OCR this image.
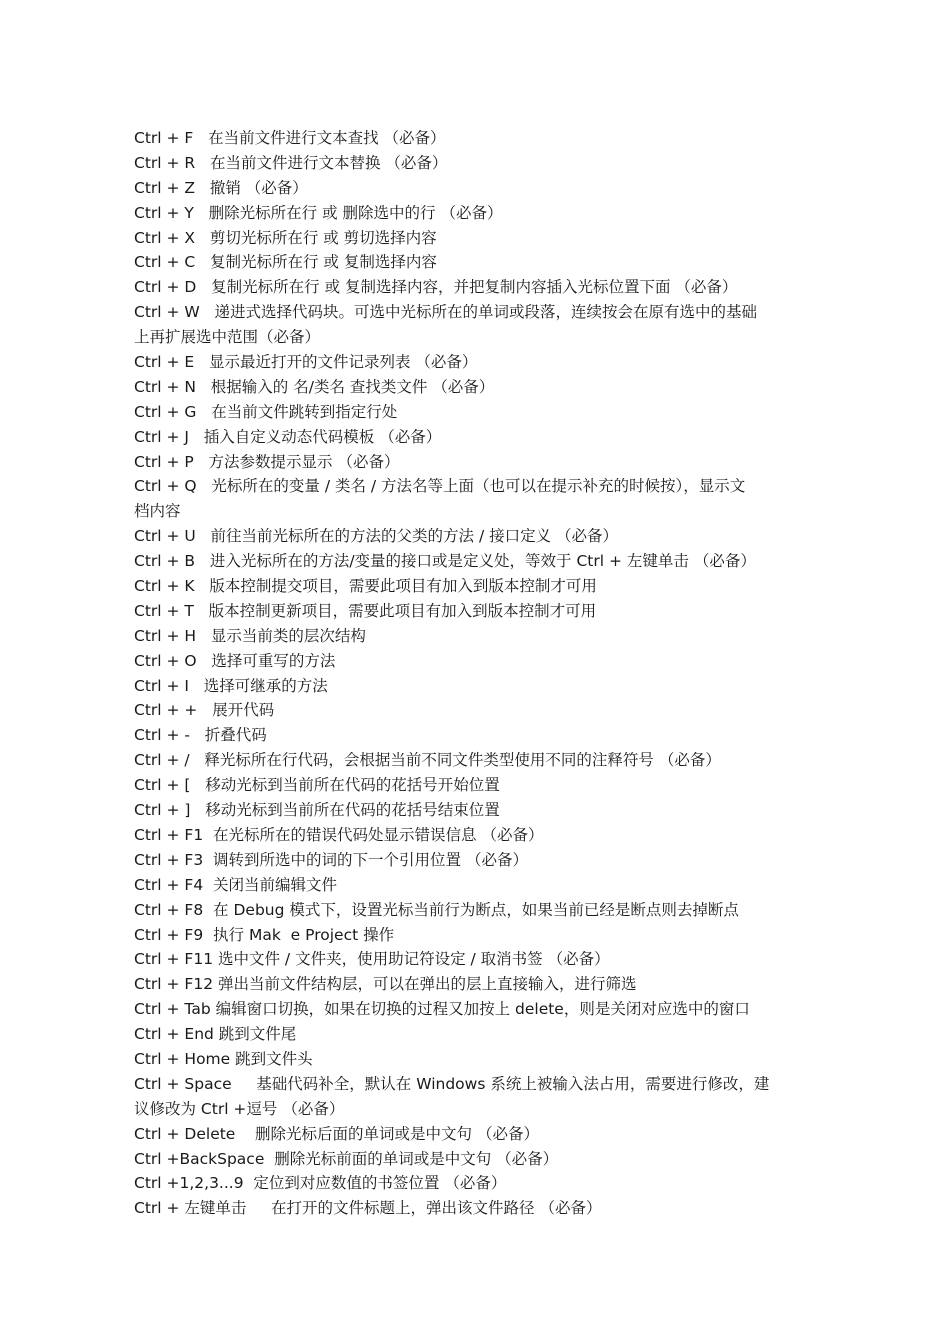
Ctrl + F   在当前文件进行文本查找 （必备）
Ctrl + R   在当前文件进行文本替换 （必备）
Ctrl + Z   撤销 （必备）
Ctrl + Y   删除光标所在行 或 删除选中的行 （必备）
Ctrl + X   剪切光标所在行 或 剪切选择内容
Ctrl + C   复制光标所在行 或 复制选择内容
Ctrl + D   复制光标所在行 或 复制选择内容，并把复制内容插入光标位置下面 （必备）
Ctrl + W   递进式选择代码块。可选中光标所在的单词或段落，连续按会在原有选中的基础
上再扩展选中范围（必备）
Ctrl + E   显示最近打开的文件记录列表 （必备）
Ctrl + N   根据输入的 名/类名 查找类文件 （必备）
Ctrl + G   在当前文件跳转到指定行处
Ctrl + J   插入自定义动态代码模板 （必备）
Ctrl + P   方法参数提示显示 （必备）
Ctrl + Q   光标所在的变量 / 类名 / 方法名等上面（也可以在提示补充的时候按），显示文
档内容
Ctrl + U   前往当前光标所在的方法的父类的方法 / 接口定义 （必备）
Ctrl + B   进入光标所在的方法/变量的接口或是定义处，等效于 Ctrl + 左键单击 （必备）
Ctrl + K   版本控制提交项目，需要此项目有加入到版本控制才可用
Ctrl + T   版本控制更新项目，需要此项目有加入到版本控制才可用
Ctrl + H   显示当前类的层次结构
Ctrl + O   选择可重写的方法
Ctrl + I   选择可继承的方法
Ctrl + +   展开代码
Ctrl + -   折叠代码
Ctrl + /   释光标所在行代码，会根据当前不同文件类型使用不同的注释符号 （必备）
Ctrl + [   移动光标到当前所在代码的花括号开始位置
Ctrl + ]   移动光标到当前所在代码的花括号结束位置
Ctrl + F1  在光标所在的错误代码处显示错误信息 （必备）
Ctrl + F3  调转到所选中的词的下一个引用位置 （必备）
Ctrl + F4  关闭当前编辑文件
Ctrl + F8  在 Debug 模式下，设置光标当前行为断点，如果当前已经是断点则去掉断点
Ctrl + F9  执行 Mak  e Project 操作
Ctrl + F11 选中文件 / 文件夹，使用助记符设定 / 取消书签 （必备）
Ctrl + F12 弹出当前文件结构层，可以在弹出的层上直接输入，进行筛选
Ctrl + Tab 编辑窗口切换，如果在切换的过程又加按上 delete，则是关闭对应选中的窗口
Ctrl + End 跳到文件尾
Ctrl + Home 跳到文件头
Ctrl + Space     基础代码补全，默认在 Windows 系统上被输入法占用，需要进行修改，建
议修改为 Ctrl +逗号 （必备）
Ctrl + Delete    删除光标后面的单词或是中文句 （必备）
Ctrl +BackSpace  删除光标前面的单词或是中文句 （必备）
Ctrl +1,2,3...9  定位到对应数值的书签位置 （必备）
Ctrl + 左键单击     在打开的文件标题上，弹出该文件路径 （必备）
